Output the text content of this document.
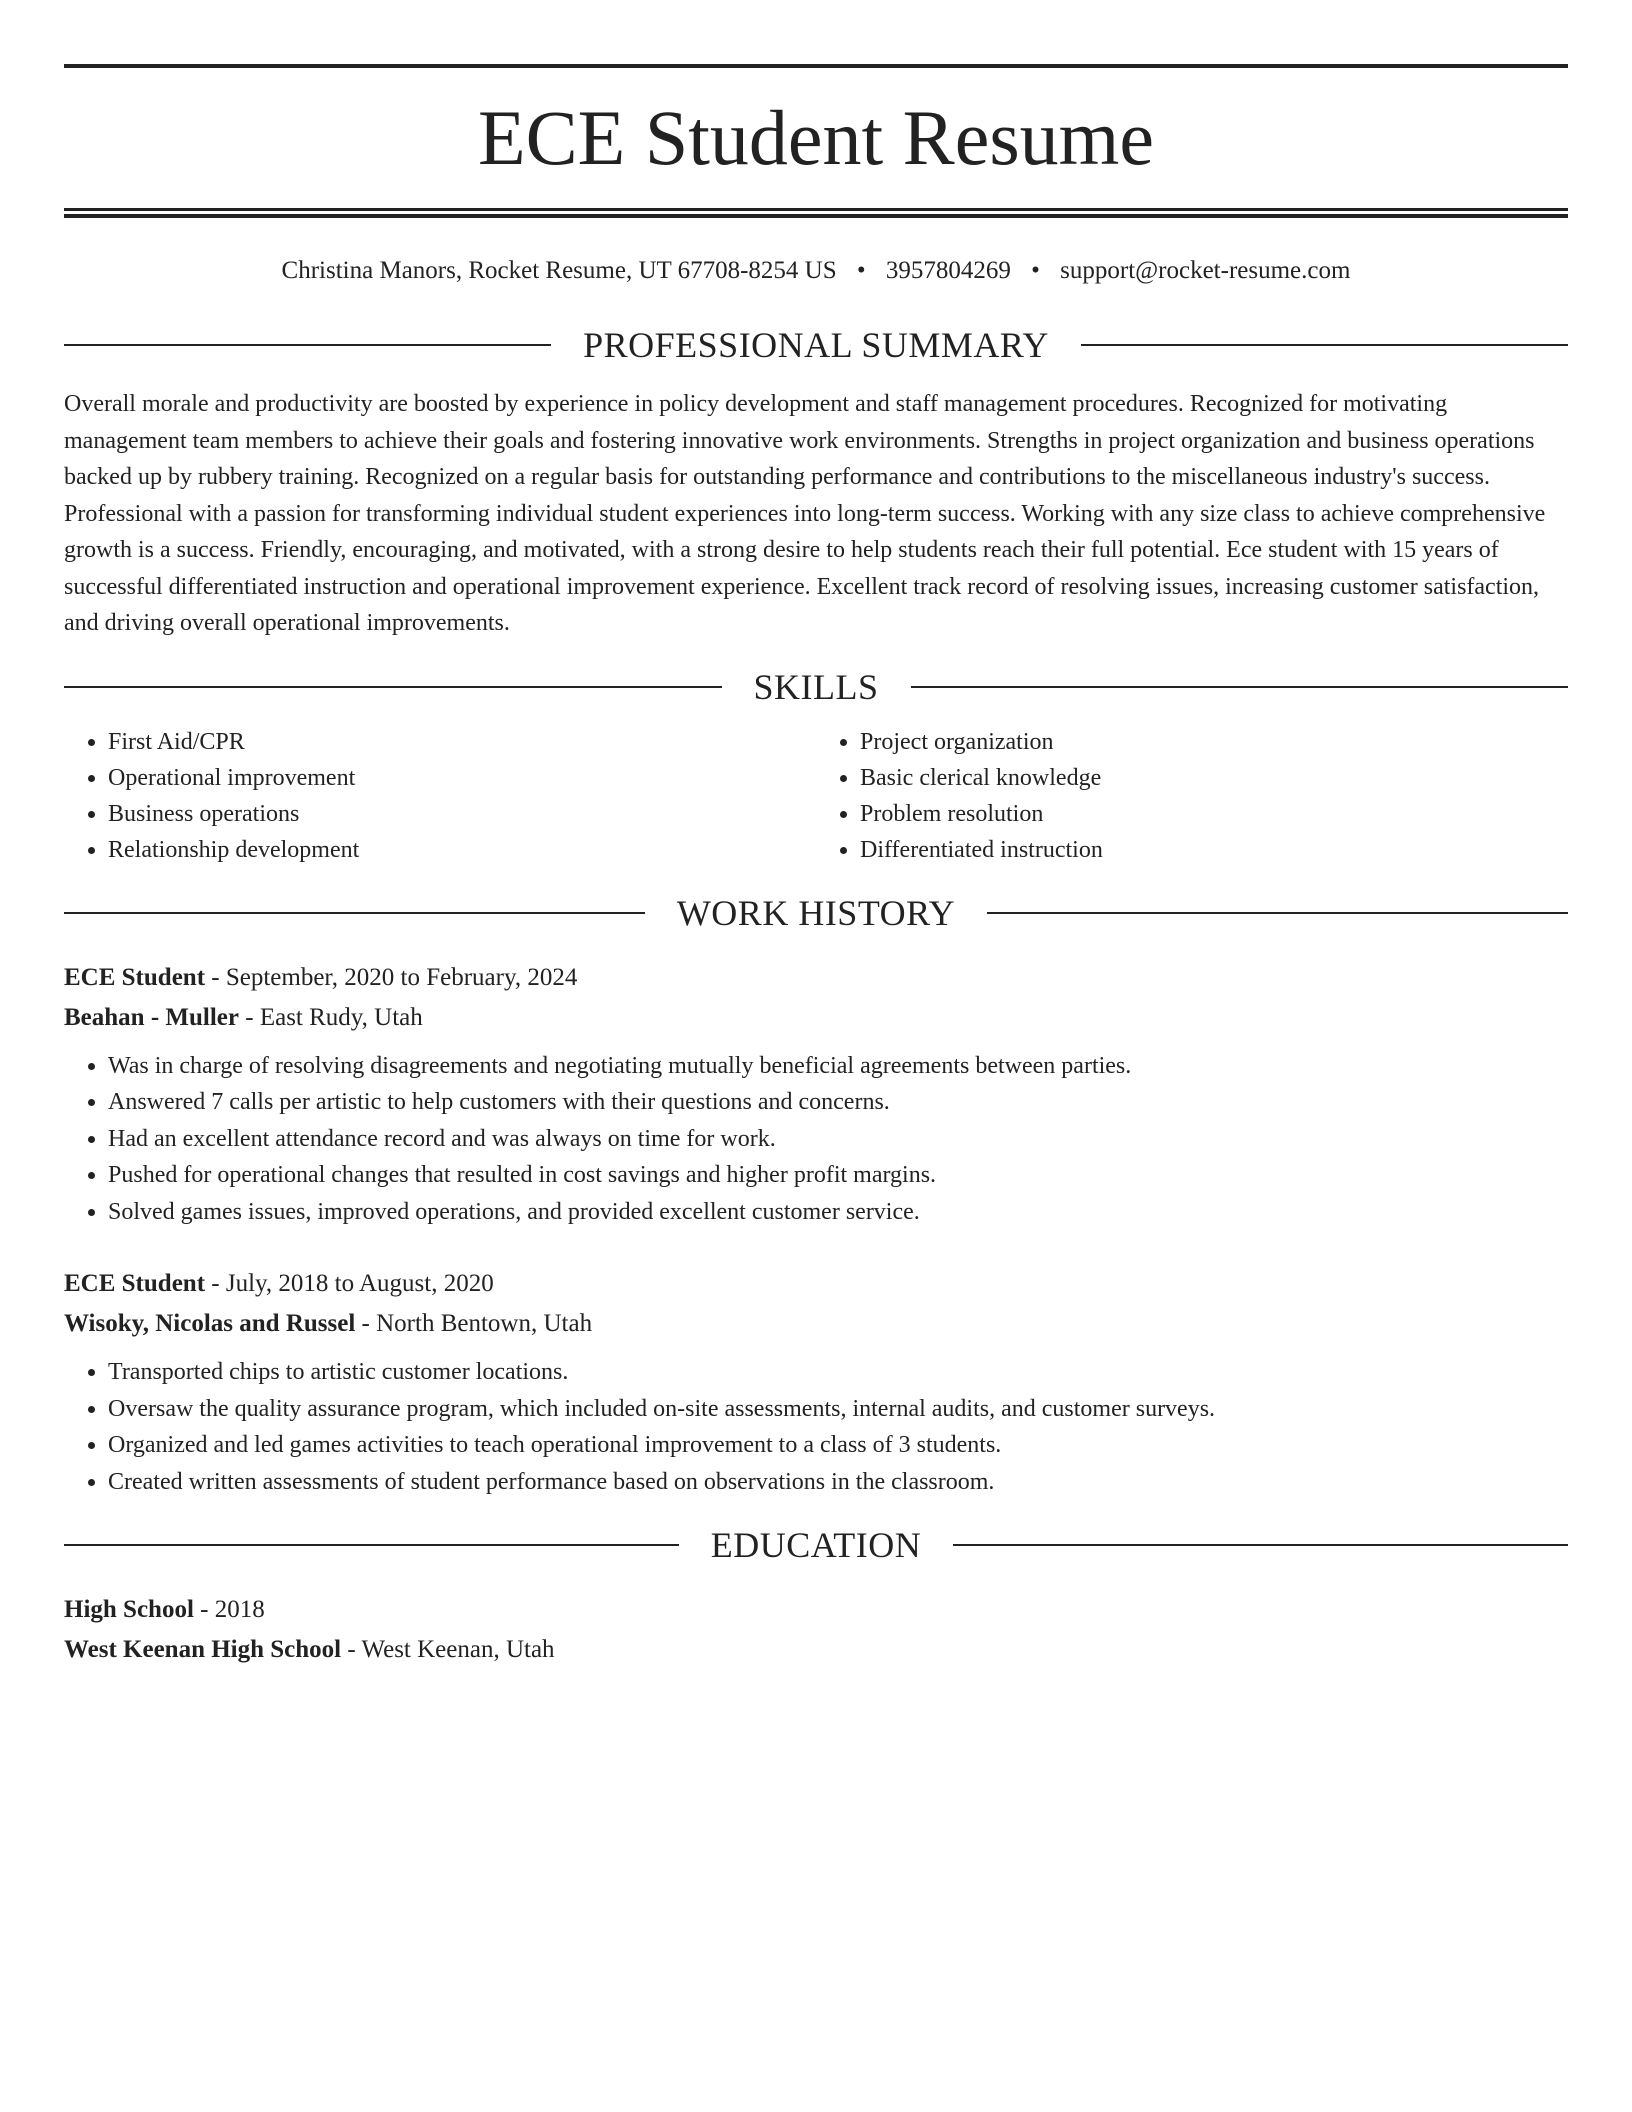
ECE Student Resume
Christina Manors, Rocket Resume, UT 67708-8254 US • 3957804269 • support@rocket-resume.com
PROFESSIONAL SUMMARY
Overall morale and productivity are boosted by experience in policy development and staff management procedures. Recognized for motivating management team members to achieve their goals and fostering innovative work environments. Strengths in project organization and business operations backed up by rubbery training. Recognized on a regular basis for outstanding performance and contributions to the miscellaneous industry's success. Professional with a passion for transforming individual student experiences into long-term success. Working with any size class to achieve comprehensive growth is a success. Friendly, encouraging, and motivated, with a strong desire to help students reach their full potential. Ece student with 15 years of successful differentiated instruction and operational improvement experience. Excellent track record of resolving issues, increasing customer satisfaction, and driving overall operational improvements.
SKILLS
• First Aid/CPR
• Operational improvement
• Business operations
• Relationship development
• Project organization
• Basic clerical knowledge
• Problem resolution
• Differentiated instruction
WORK HISTORY
ECE Student - September, 2020 to February, 2024
Beahan - Muller - East Rudy, Utah
• Was in charge of resolving disagreements and negotiating mutually beneficial agreements between parties.
• Answered 7 calls per artistic to help customers with their questions and concerns.
• Had an excellent attendance record and was always on time for work.
• Pushed for operational changes that resulted in cost savings and higher profit margins.
• Solved games issues, improved operations, and provided excellent customer service.
ECE Student - July, 2018 to August, 2020
Wisoky, Nicolas and Russel - North Bentown, Utah
• Transported chips to artistic customer locations.
• Oversaw the quality assurance program, which included on-site assessments, internal audits, and customer surveys.
• Organized and led games activities to teach operational improvement to a class of 3 students.
• Created written assessments of student performance based on observations in the classroom.
EDUCATION
High School - 2018
West Keenan High School - West Keenan, Utah
